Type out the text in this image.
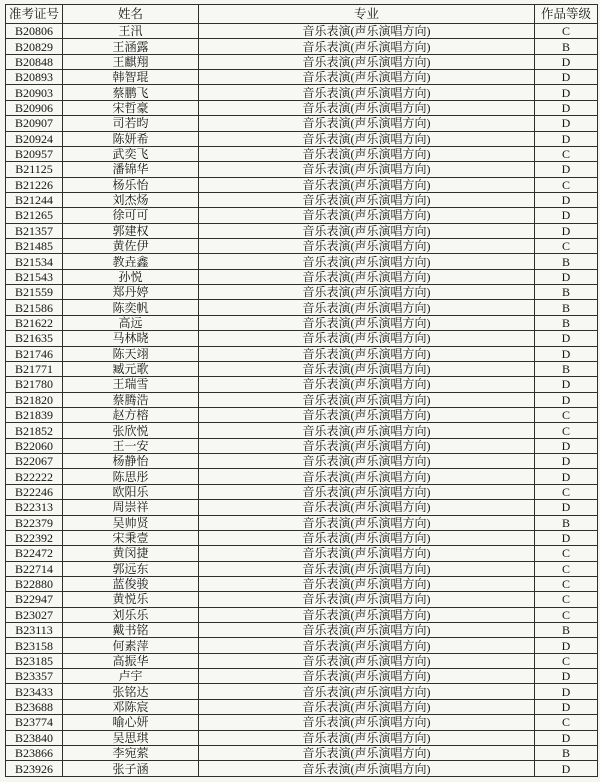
准考证号	姓名	专业	作品等级
B20806	王汛	音乐表演(声乐演唱方向)	C
B20829	王涵露	音乐表演(声乐演唱方向)	B
B20848	王麒翔	音乐表演(声乐演唱方向)	D
B20893	韩智琨	音乐表演(声乐演唱方向)	D
B20903	蔡鹏飞	音乐表演(声乐演唱方向)	D
B20906	宋哲豪	音乐表演(声乐演唱方向)	D
B20907	司若昀	音乐表演(声乐演唱方向)	D
B20924	陈妍希	音乐表演(声乐演唱方向)	D
B20957	武奕飞	音乐表演(声乐演唱方向)	C
B21125	潘锦华	音乐表演(声乐演唱方向)	D
B21226	杨乐怡	音乐表演(声乐演唱方向)	C
B21244	刘杰炀	音乐表演(声乐演唱方向)	D
B21265	徐可可	音乐表演(声乐演唱方向)	D
B21357	郭建权	音乐表演(声乐演唱方向)	D
B21485	黄佐伊	音乐表演(声乐演唱方向)	C
B21534	教垚鑫	音乐表演(声乐演唱方向)	B
B21543	孙悦	音乐表演(声乐演唱方向)	D
B21559	郑丹婷	音乐表演(声乐演唱方向)	B
B21586	陈奕帆	音乐表演(声乐演唱方向)	B
B21622	高远	音乐表演(声乐演唱方向)	B
B21635	马林晓	音乐表演(声乐演唱方向)	D
B21746	陈天翊	音乐表演(声乐演唱方向)	D
B21771	臧元歌	音乐表演(声乐演唱方向)	B
B21780	王瑞雪	音乐表演(声乐演唱方向)	D
B21820	蔡腾浩	音乐表演(声乐演唱方向)	D
B21839	赵方榕	音乐表演(声乐演唱方向)	C
B21852	张欣悦	音乐表演(声乐演唱方向)	C
B22060	王一安	音乐表演(声乐演唱方向)	D
B22067	杨静怡	音乐表演(声乐演唱方向)	D
B22222	陈思彤	音乐表演(声乐演唱方向)	D
B22246	欧阳乐	音乐表演(声乐演唱方向)	C
B22313	周崇祥	音乐表演(声乐演唱方向)	D
B22379	吴帅贤	音乐表演(声乐演唱方向)	B
B22392	宋秉壹	音乐表演(声乐演唱方向)	D
B22472	黄闵捷	音乐表演(声乐演唱方向)	C
B22714	郭远东	音乐表演(声乐演唱方向)	C
B22880	蓝俊骏	音乐表演(声乐演唱方向)	C
B22947	黄悦乐	音乐表演(声乐演唱方向)	C
B23027	刘乐乐	音乐表演(声乐演唱方向)	C
B23113	戴书铭	音乐表演(声乐演唱方向)	B
B23158	何素萍	音乐表演(声乐演唱方向)	D
B23185	高振华	音乐表演(声乐演唱方向)	C
B23357	卢宇	音乐表演(声乐演唱方向)	D
B23433	张铭达	音乐表演(声乐演唱方向)	D
B23688	邓陈宸	音乐表演(声乐演唱方向)	D
B23774	喻心妍	音乐表演(声乐演唱方向)	C
B23840	吴思琪	音乐表演(声乐演唱方向)	D
B23866	李宛萦	音乐表演(声乐演唱方向)	B
B23926	张子涵	音乐表演(声乐演唱方向)	D
